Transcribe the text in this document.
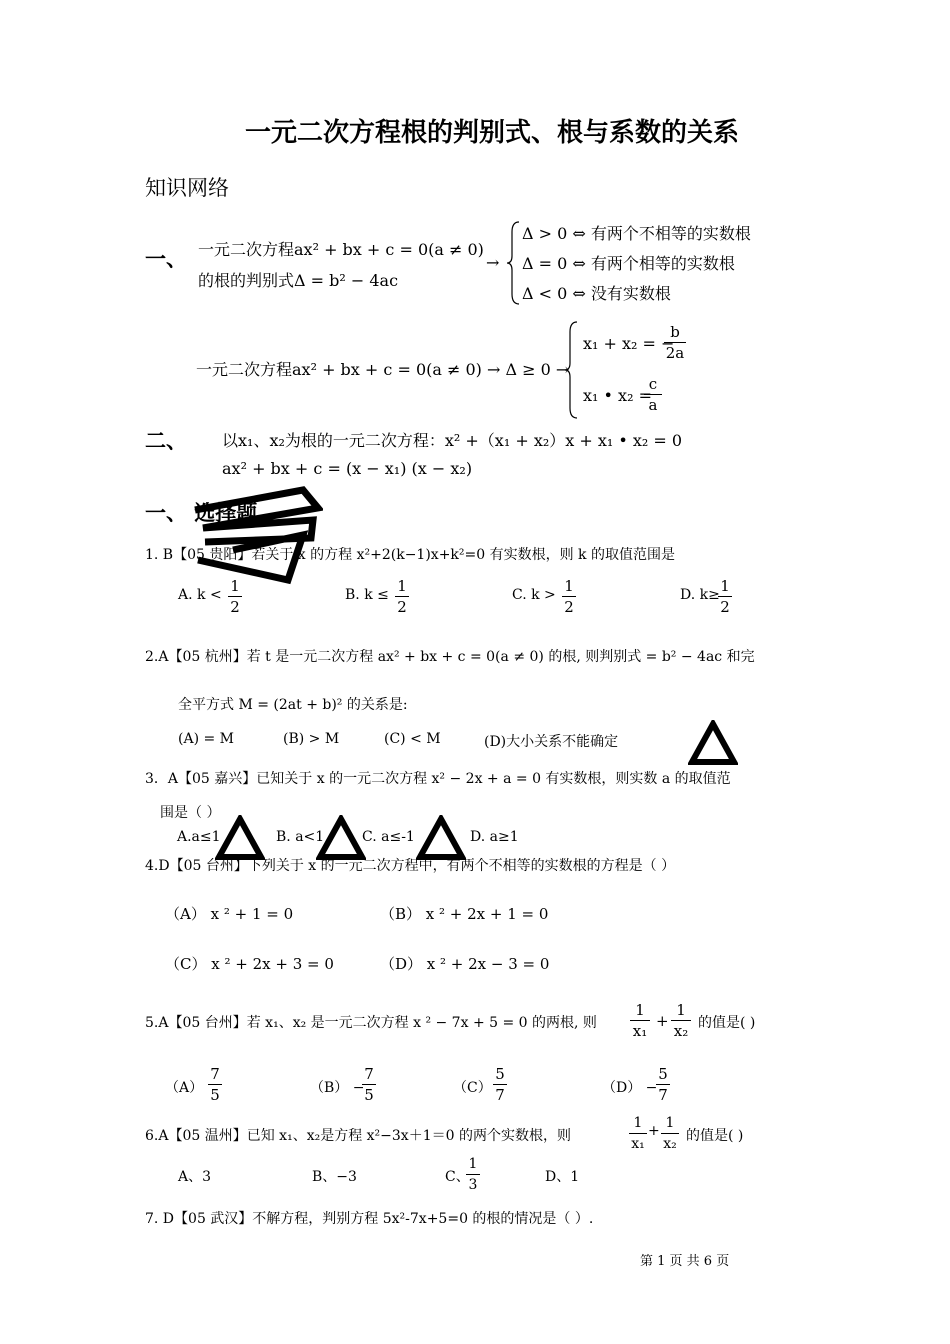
一元二次方程根的判别式、根与系数的关系
知识网络
一、 一元二次方程ax² + bx + c = 0(a ≠ 0)
的根的判别式Δ = b² − 4ac
→
Δ > 0 ⇔ 有两个不相等的实数根
Δ = 0 ⇔ 有两个相等的实数根
Δ < 0 ⇔ 没有实数根
一元二次方程ax² + bx + c = 0(a ≠ 0) → Δ ≥ 0 →
x₁ + x₂ = −
$\frac{b}{2a}$
x₁ • x₂ =
$\frac{c}{a}$
二、 以x₁、x₂为根的一元二次方程：x² +（x₁ + x₂）x + x₁ • x₂ = 0
ax² + bx + c = (x − x₁) (x − x₂)
一、 选择题
1. B【05 贵阳】若关于 x 的方程 x²+2(k−1)x+k²=0 有实数根，则 k 的取值范围是
A. $k < \frac{1}{2}$	B. $k \le \frac{1}{2}$	C. $k > \frac{1}{2}$	D. k≥
$\frac{1}{2}$
2.A【05 杭州】若 t 是一元二次方程 ax² + bx + c = 0(a ≠ 0) 的根, 则判别式 = b² − 4ac 和完
全平方式 M = (2at + b)² 的关系是:
(A) = M	(B) > M	(C) < M	(D)大小关系不能确定
3．A【05 嘉兴】已知关于 x 的一元二次方程 x² − 2x + a = 0 有实数根，则实数 a 的取值范
围是（ ）
A.a≤1	B. a<1	C. a≤-1	D. a≥1
4.D【05 台州】下列关于 x 的一元二次方程中，有两个不相等的实数根的方程是（ ）
（A） x ² + 1 = 0	（B） x ² + 2x + 1 = 0
（C） x ² + 2x + 3 = 0	（D） x ² + 2x − 3 = 0
5.A【05 台州】若 x₁、x₂ 是一元二次方程 x ² − 7x + 5 = 0 的两根, 则 $\frac{1}{\text{x₁}} + \frac{1}{\text{x₂}}$ 的值是( )
$(A) \frac{7}{5}$	（B） −
$\frac{7}{5}$	$(C) \frac{5}{7}$	（D） −
$\frac{5}{7}$
6.A【05 温州】已知 x₁、x₂是方程 x²−3x＋1＝0 的两个实数根，则	$\frac{1}{\text{x₁}} + \frac{1}{\text{x₂}}$ 的值是( )
A、3	B、−3	C、
$\frac{1}{3}$	D、1
7. D【05 武汉】不解方程，判别方程 5x²-7x+5=0 的根的情况是（ ）.
第 1 页 共 6 页
